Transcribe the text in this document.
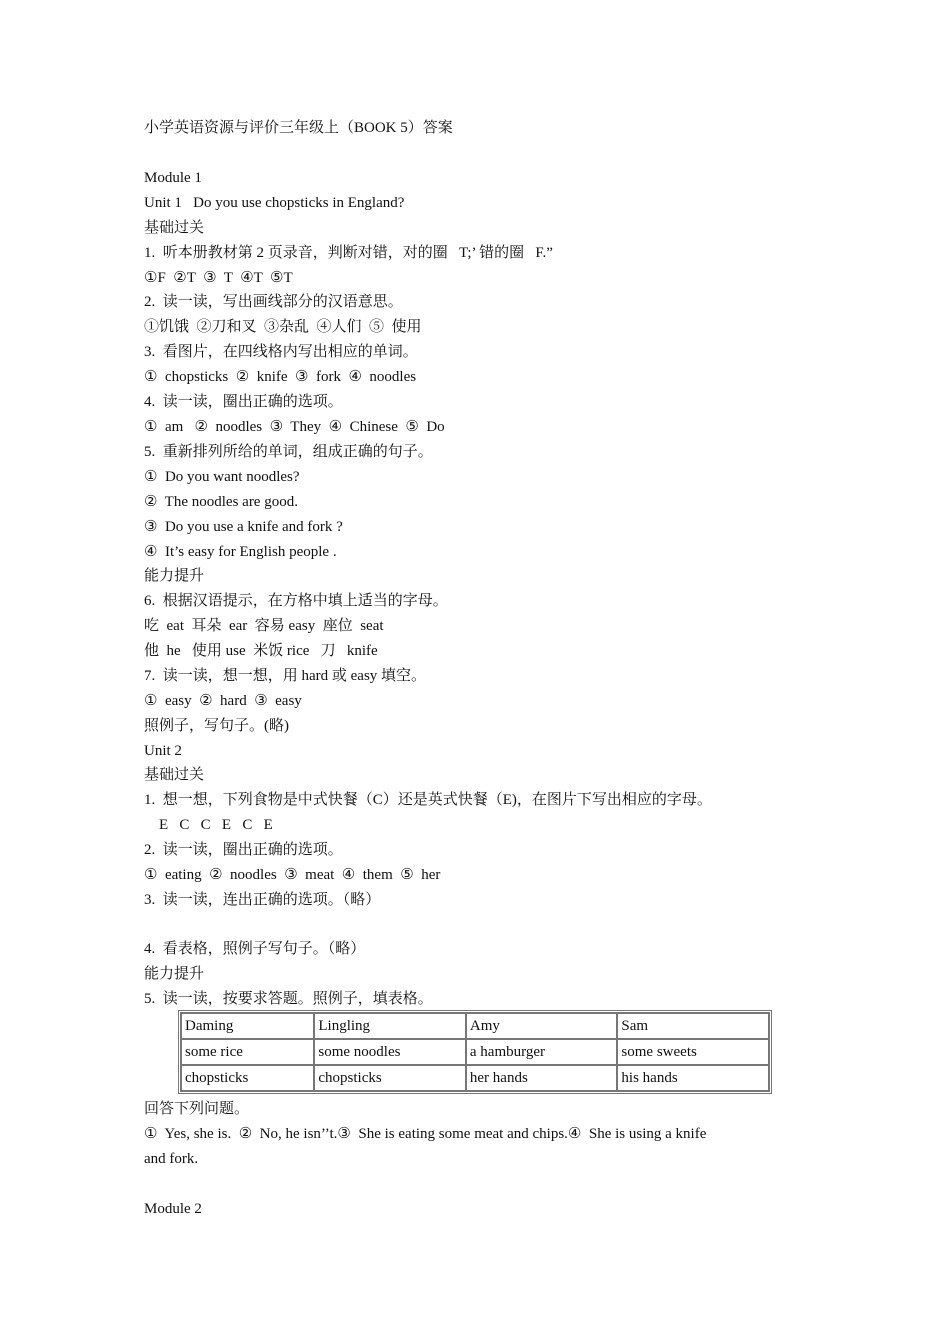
小学英语资源与评价三年级上（BOOK 5）答案
Module 1
Unit 1   Do you use chopsticks in England?
基础过关
1.  听本册教材第 2 页录音，判断对错，对的圈   T;’ 错的圈   F.”
①F  ②T  ③  T  ④T  ⑤T
2.  读一读，写出画线部分的汉语意思。
①饥饿  ②刀和叉  ③杂乱  ④人们  ⑤  使用
3.  看图片，在四线格内写出相应的单词。
①  chopsticks  ②  knife  ③  fork  ④  noodles
4.  读一读，圈出正确的选项。
①  am   ②  noodles  ③  They  ④  Chinese  ⑤  Do
5.  重新排列所给的单词，组成正确的句子。
①  Do you want noodles?
②  The noodles are good.
③  Do you use a knife and fork ?
④  It’s easy for English people .
能力提升
6.  根据汉语提示，在方格中填上适当的字母。
吃  eat  耳朵  ear  容易 easy  座位  seat
他  he   使用 use  米饭 rice   刀   knife
7.  读一读，想一想，用 hard 或 easy 填空。
①  easy  ②  hard  ③  easy
照例子，写句子。(略)
Unit 2
基础过关
1.  想一想，下列食物是中式快餐（C）还是英式快餐（E)，在图片下写出相应的字母。
E   C   C   E   C   E
2.  读一读，圈出正确的选项。
①  eating  ②  noodles  ③  meat  ④  them  ⑤  her
3.  读一读，连出正确的选项。（略）
4.  看表格，照例子写句子。（略）
能力提升
5.  读一读，按要求答题。照例子，填表格。
Daming	Lingling	Amy	Sam
some rice	some noodles	a hamburger	some sweets
chopsticks	chopsticks	her hands	his hands
回答下列问题。
①  Yes, she is.  ②  No, he isn’’t.③  She is eating some meat and chips.④  She is using a knife
and fork.
Module 2
